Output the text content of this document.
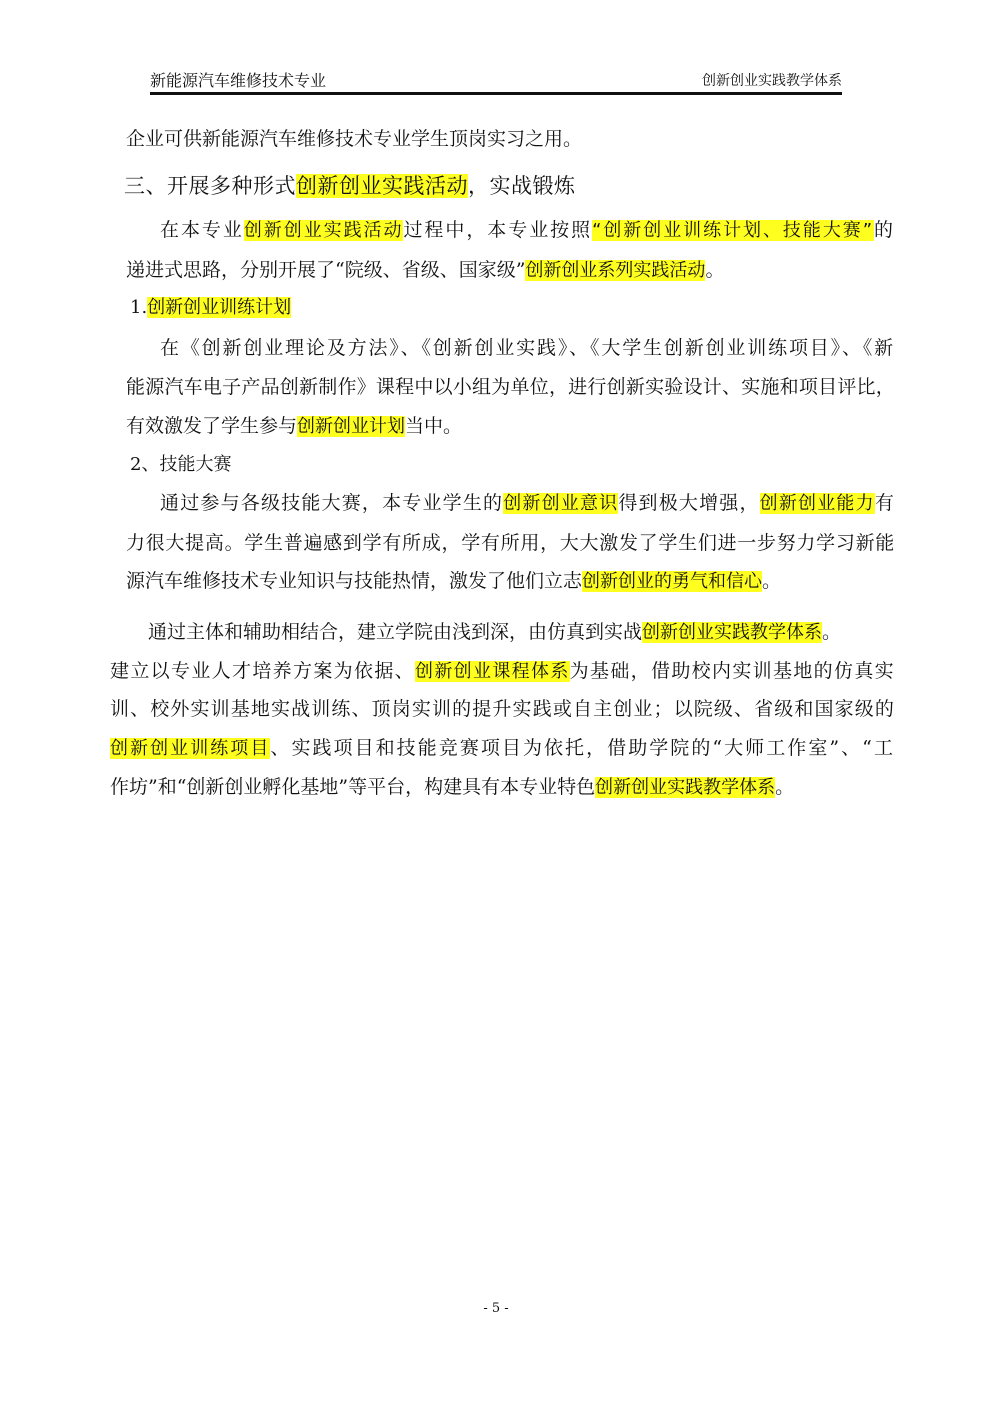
新能源汽车维修技术专业	创新创业实践教学体系
企业可供新能源汽车维修技术专业学生顶岗实习之用。
三、开展多种形式创新创业实践活动，实战锻炼
在本专业创新创业实践活动过程中，本专业按照“创新创业训练计划、技能大赛”的
递进式思路，分别开展了“院级、省级、国家级”创新创业系列实践活动。
1.创新创业训练计划
在《创新创业理论及方法》、《创新创业实践》、《大学生创新创业训练项目》、《新
能源汽车电子产品创新制作》课程中以小组为单位，进行创新实验设计、实施和项目评比，
有效激发了学生参与创新创业计划当中。
2、技能大赛
通过参与各级技能大赛，本专业学生的创新创业意识得到极大增强，创新创业能力有
力很大提高。学生普遍感到学有所成，学有所用，大大激发了学生们进一步努力学习新能
源汽车维修技术专业知识与技能热情，激发了他们立志创新创业的勇气和信心。
通过主体和辅助相结合，建立学院由浅到深，由仿真到实战创新创业实践教学体系。
建立以专业人才培养方案为依据、创新创业课程体系为基础，借助校内实训基地的仿真实
训、校外实训基地实战训练、顶岗实训的提升实践或自主创业；以院级、省级和国家级的
创新创业训练项目、实践项目和技能竞赛项目为依托，借助学院的“大师工作室”、“工
作坊”和“创新创业孵化基地”等平台，构建具有本专业特色创新创业实践教学体系。
- 5 -
